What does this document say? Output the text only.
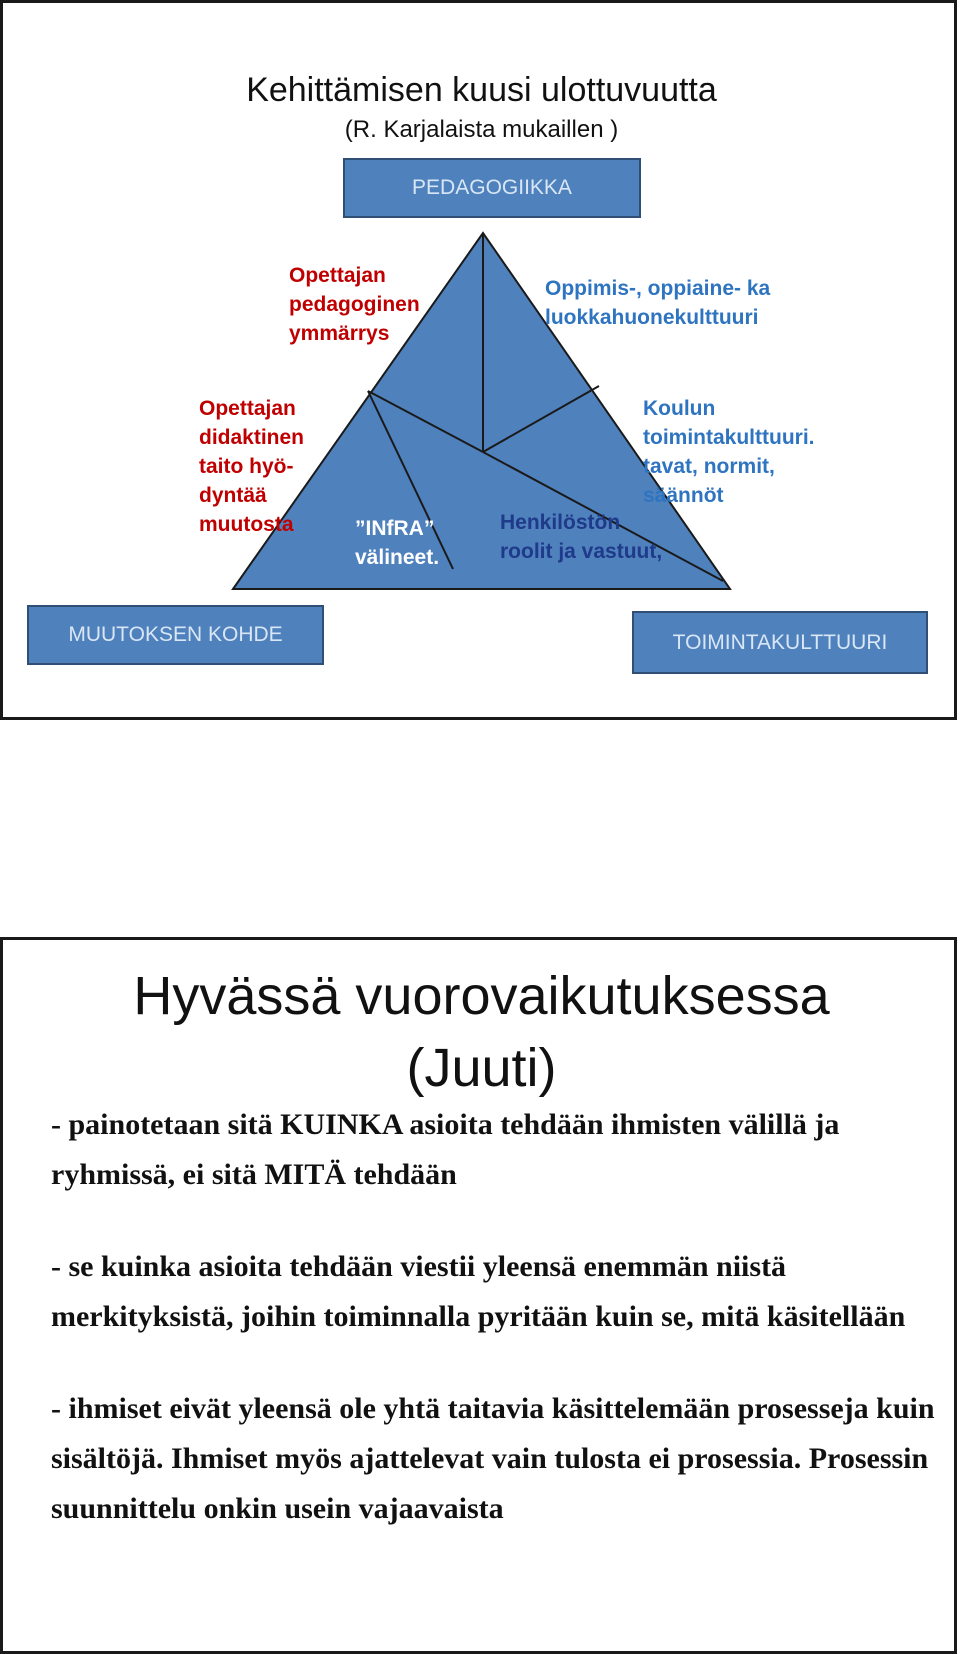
Kehittämisen kuusi ulottuvuutta
(R. Karjalaista mukaillen )
PEDAGOGIIKKA
MUUTOKSEN KOHDE	TOIMINTAKULTTUURI
Opettajan
pedagoginen
ymmärrys
Oppimis-, oppiaine- ka
luokkahuonekulttuuri
Opettajan
didaktinen
taito hyö-
dyntää
muutosta
Koulun
toimintakulttuuri.
tavat, normit,
säännöt
”INfRA”
välineet.
Henkilöstön
roolit ja vastuut,
Hyvässä vuorovaikutuksessa
(Juuti)
- painotetaan sitä KUINKA asioita tehdään ihmisten välillä ja ryhmissä, ei sitä MITÄ tehdään
- se kuinka asioita tehdään viestii yleensä enemmän niistä merkityksistä, joihin toiminnalla pyritään kuin se, mitä käsitellään
- ihmiset eivät yleensä ole yhtä taitavia käsittelemään prosesseja kuin sisältöjä. Ihmiset myös ajattelevat vain tulosta ei prosessia. Prosessin suunnittelu onkin usein vajaavaista
